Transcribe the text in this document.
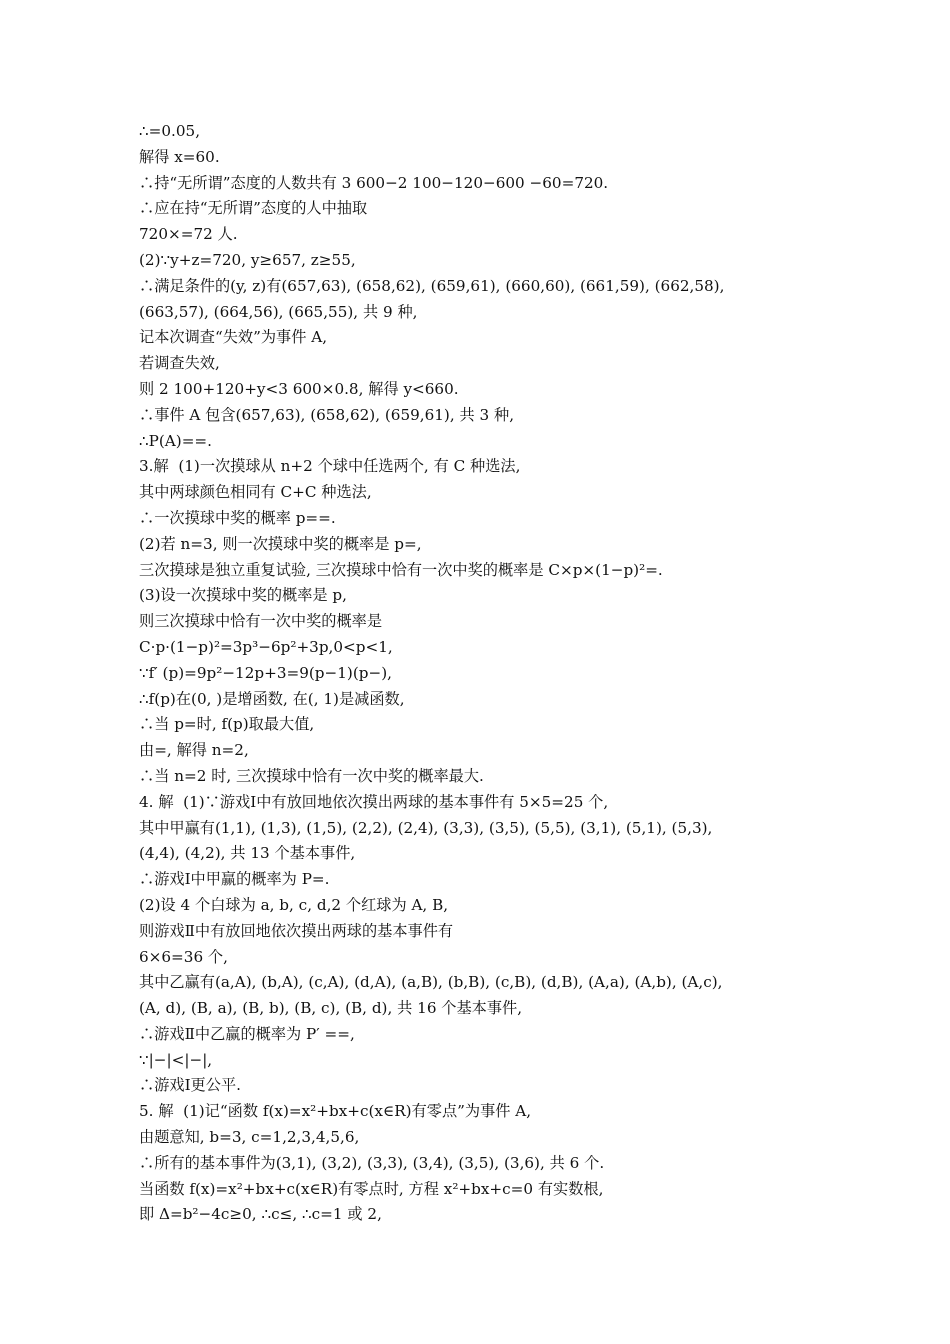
∴=0.05,
解得 x=60.
∴持“无所谓”态度的人数共有 3 600−2 100−120−600 −60=720.
∴应在持“无所谓”态度的人中抽取
720×=72 人.
(2)∵y+z=720, y≥657, z≥55,
∴满足条件的(y, z)有(657,63), (658,62), (659,61), (660,60), (661,59), (662,58),
(663,57), (664,56), (665,55), 共 9 种,
记本次调查“失效”为事件 A,
若调查失效,
则 2 100+120+y<3 600×0.8, 解得 y<660.
∴事件 A 包含(657,63), (658,62), (659,61), 共 3 种,
∴P(A)==.
3.解  (1)一次摸球从 n+2 个球中任选两个, 有 C 种选法,
其中两球颜色相同有 C+C 种选法,
∴一次摸球中奖的概率 p==.
(2)若 n=3, 则一次摸球中奖的概率是 p=,
三次摸球是独立重复试验, 三次摸球中恰有一次中奖的概率是 C×p×(1−p)²=.
(3)设一次摸球中奖的概率是 p,
则三次摸球中恰有一次中奖的概率是
C·p·(1−p)²=3p³−6p²+3p,0<p<1,
∵f′ (p)=9p²−12p+3=9(p−1)(p−),
∴f(p)在(0, )是增函数, 在(, 1)是减函数,
∴当 p=时, f(p)取最大值,
由=, 解得 n=2,
∴当 n=2 时, 三次摸球中恰有一次中奖的概率最大.
4. 解  (1)∵游戏Ⅰ中有放回地依次摸出两球的基本事件有 5×5=25 个,
其中甲赢有(1,1), (1,3), (1,5), (2,2), (2,4), (3,3), (3,5), (5,5), (3,1), (5,1), (5,3),
(4,4), (4,2), 共 13 个基本事件,
∴游戏Ⅰ中甲赢的概率为 P=.
(2)设 4 个白球为 a, b, c, d,2 个红球为 A, B,
则游戏Ⅱ中有放回地依次摸出两球的基本事件有
6×6=36 个,
其中乙赢有(a,A), (b,A), (c,A), (d,A), (a,B), (b,B), (c,B), (d,B), (A,a), (A,b), (A,c),
(A, d), (B, a), (B, b), (B, c), (B, d), 共 16 个基本事件,
∴游戏Ⅱ中乙赢的概率为 P′ ==,
∵|−|<|−|,
∴游戏Ⅰ更公平.
5. 解  (1)记“函数 f(x)=x²+bx+c(x∈R)有零点”为事件 A,
由题意知, b=3, c=1,2,3,4,5,6,
∴所有的基本事件为(3,1), (3,2), (3,3), (3,4), (3,5), (3,6), 共 6 个.
当函数 f(x)=x²+bx+c(x∈R)有零点时, 方程 x²+bx+c=0 有实数根,
即 Δ=b²−4c≥0, ∴c≤, ∴c=1 或 2,
